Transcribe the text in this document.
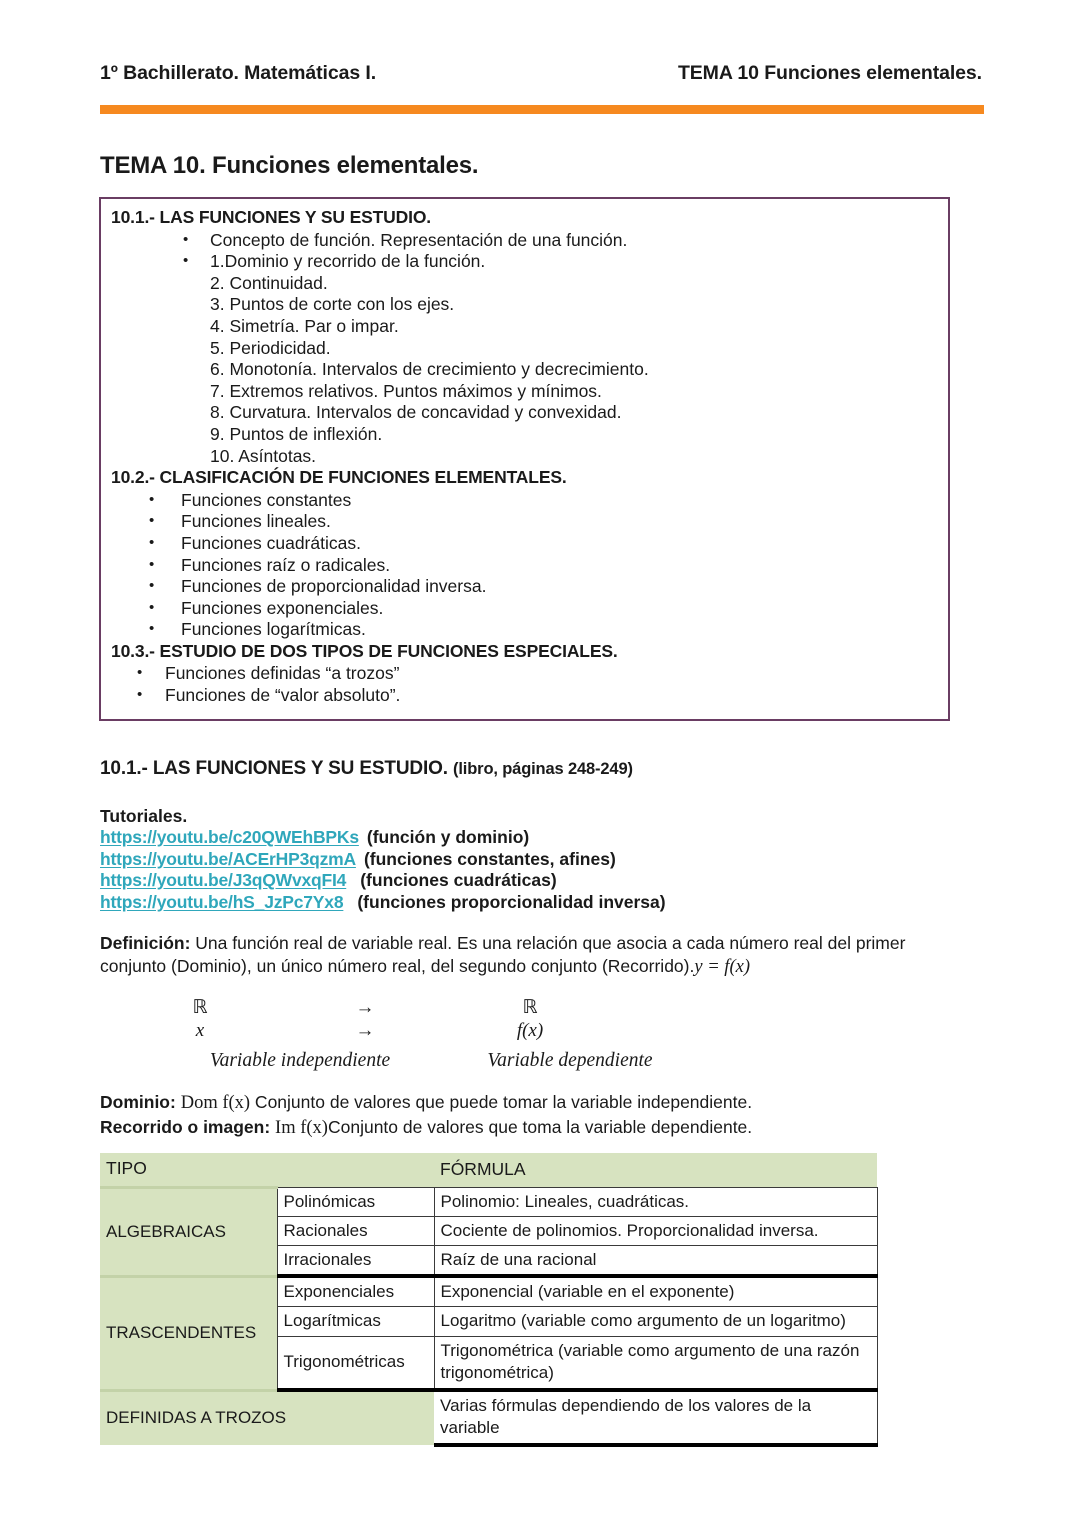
1º Bachillerato. Matemáticas I.	TEMA 10 Funciones elementales.
TEMA 10. Funciones elementales.
10.1.- LAS FUNCIONES Y SU ESTUDIO.
• Concepto de función. Representación de una función.
• 1.Dominio y recorrido de la función.
2. Continuidad.
3. Puntos de corte con los ejes.
4. Simetría. Par o impar.
5. Periodicidad.
6. Monotonía. Intervalos de crecimiento y decrecimiento.
7. Extremos relativos. Puntos máximos y mínimos.
8. Curvatura. Intervalos de concavidad y convexidad.
9. Puntos de inflexión.
10. Asíntotas.
10.2.- CLASIFICACIÓN DE FUNCIONES ELEMENTALES.
• Funciones constantes
• Funciones lineales.
• Funciones cuadráticas.
• Funciones raíz o radicales.
• Funciones de proporcionalidad inversa.
• Funciones exponenciales.
• Funciones logarítmicas.
10.3.- ESTUDIO DE DOS TIPOS DE FUNCIONES ESPECIALES.
• Funciones definidas “a trozos”
• Funciones de “valor absoluto”.
10.1.- LAS FUNCIONES Y SU ESTUDIO. (libro, páginas 248-249)
Tutoriales.
https://youtu.be/c20QWEhBPKs (función y dominio)
https://youtu.be/ACErHP3qzmA (funciones constantes, afines)
https://youtu.be/J3qQWvxqFI4 (funciones cuadráticas)
https://youtu.be/hS_JzPc7Yx8 (funciones proporcionalidad inversa)
Definición: Una función real de variable real. Es una relación que asocia a cada número real del primer conjunto (Dominio), un único número real, del segundo conjunto (Recorrido).y = f(x)
ℝ	→	ℝ
x	→	f(x)
Variable independiente	Variable dependiente
Dominio: Dom f(x) Conjunto de valores que puede tomar la variable independiente.
Recorrido o imagen: Im f(x)Conjunto de valores que toma la variable dependiente.
TIPO		FÓRMULA
ALGEBRAICAS	Polinómicas	Polinomio: Lineales, cuadráticas.
	Racionales	Cociente de polinomios. Proporcionalidad inversa.
	Irracionales	Raíz de una racional
TRASCENDENTES	Exponenciales	Exponencial (variable en el exponente)
	Logarítmicas	Logaritmo (variable como argumento de un logaritmo)
	Trigonométricas	Trigonométrica (variable como argumento de una razón trigonométrica)
DEFINIDAS A TROZOS		Varias fórmulas dependiendo de los valores de la variable
